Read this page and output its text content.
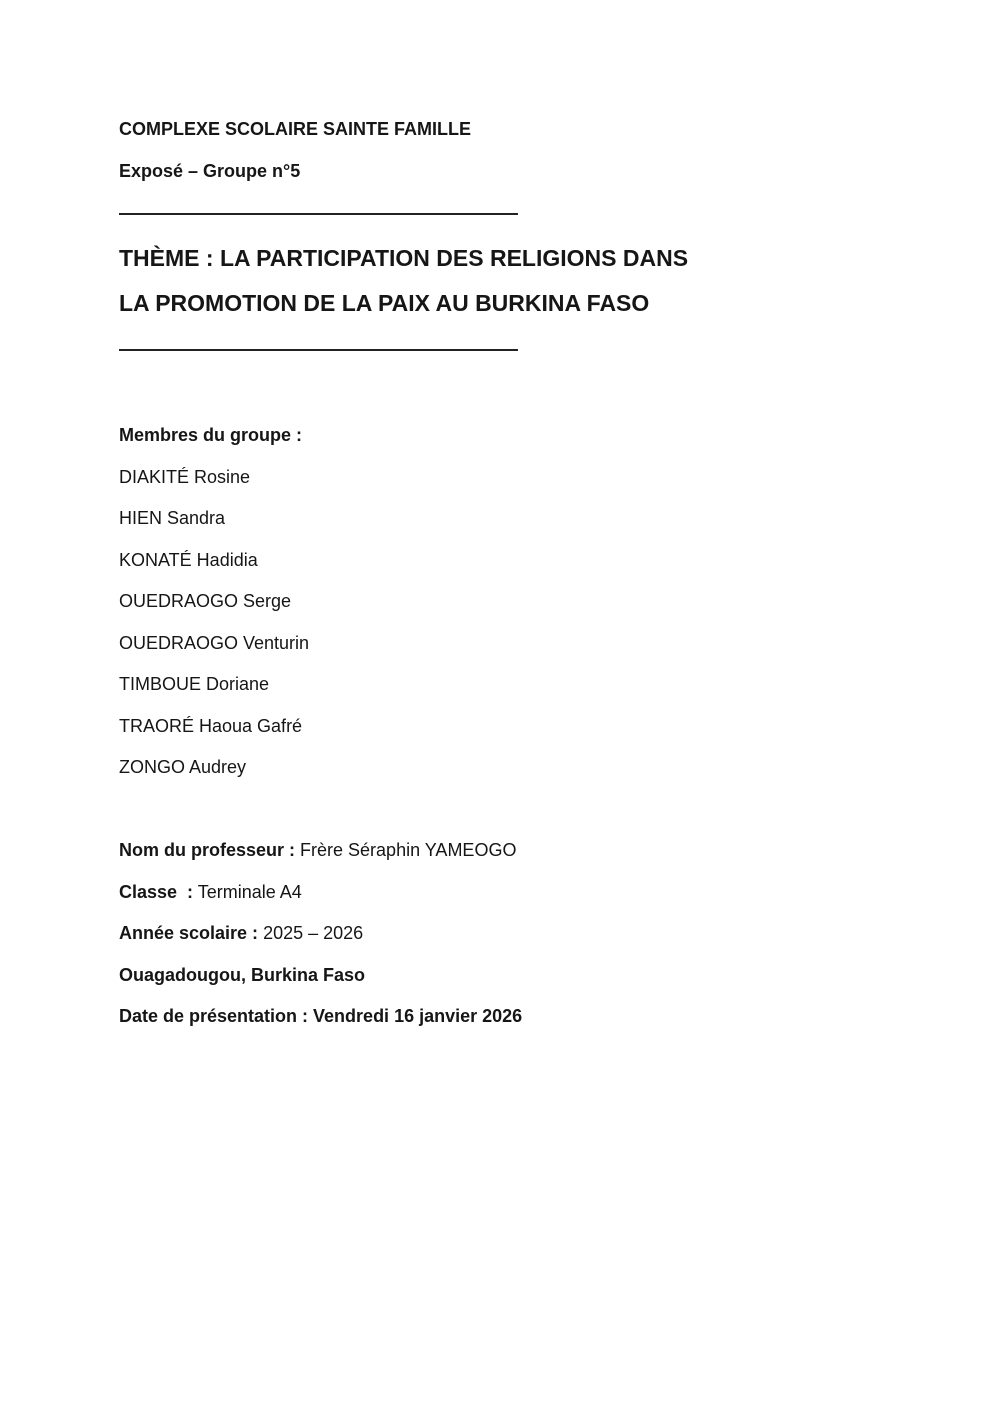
COMPLEXE SCOLAIRE SAINTE FAMILLE

Exposé – Groupe n°5

THÈME : LA PARTICIPATION DES RELIGIONS DANS

LA PROMOTION DE LA PAIX AU BURKINA FASO

Membres du groupe :

DIAKITÉ Rosine

HIEN Sandra

KONATÉ Hadidia

OUEDRAOGO Serge

OUEDRAOGO Venturin

TIMBOUE Doriane

TRAORÉ Haoua Gafré

ZONGO Audrey

Nom du professeur : Frère Séraphin YAMEOGO

Classe  : Terminale A4

Année scolaire : 2025 – 2026

Ouagadougou, Burkina Faso

Date de présentation : Vendredi 16 janvier 2026
